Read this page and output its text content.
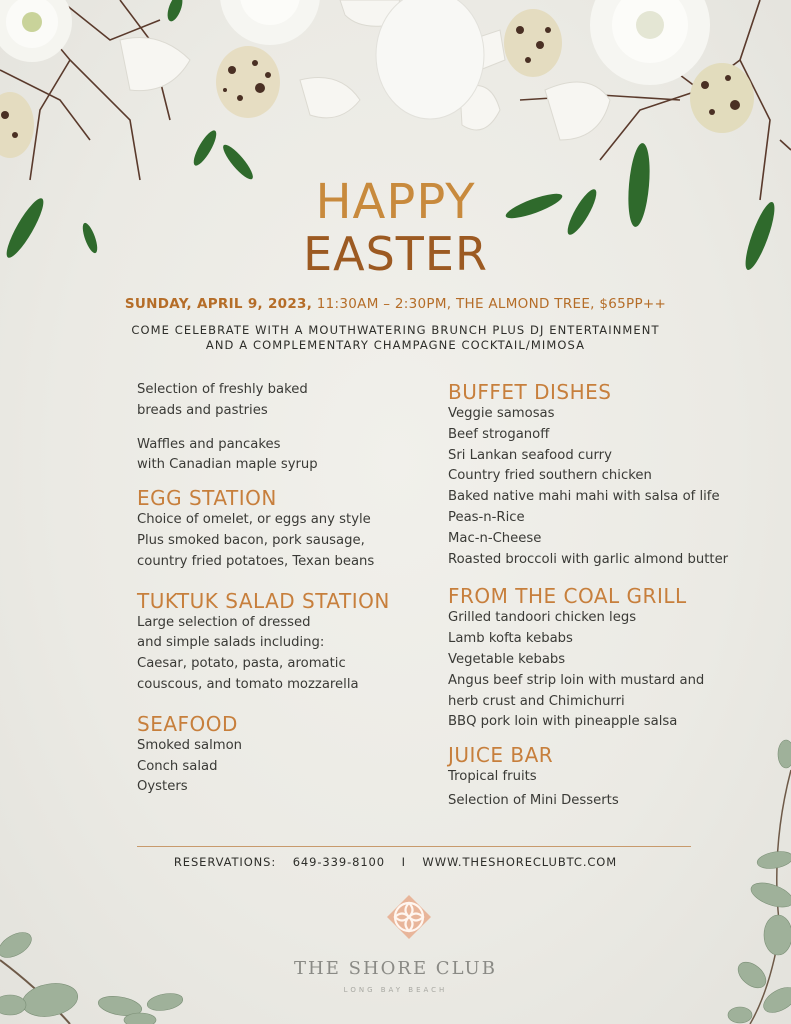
HAPPY
EASTER
SUNDAY, APRIL 9, 2023, 11:30AM – 2:30PM, THE ALMOND TREE, $65PP++
COME CELEBRATE WITH A MOUTHWATERING BRUNCH PLUS DJ ENTERTAINMENT
AND A COMPLEMENTARY CHAMPAGNE COCKTAIL/MIMOSA
Selection of freshly baked
breads and pastries
Waffles and pancakes
with Canadian maple syrup
EGG STATION
Choice of omelet, or eggs any style
Plus smoked bacon, pork sausage,
country fried potatoes, Texan beans
TUKTUK SALAD STATION
Large selection of dressed
and simple salads including:
Caesar, potato, pasta, aromatic
couscous, and tomato mozzarella
SEAFOOD
Smoked salmon
Conch salad
Oysters
BUFFET DISHES
Veggie samosas
Beef stroganoff
Sri Lankan seafood curry
Country fried southern chicken
Baked native mahi mahi with salsa of life
Peas-n-Rice
Mac-n-Cheese
Roasted broccoli with garlic almond butter
FROM THE COAL GRILL
Grilled tandoori chicken legs
Lamb kofta kebabs
Vegetable kebabs
Angus beef strip loin with mustard and
herb crust and Chimichurri
BBQ pork loin with pineapple salsa
JUICE BAR
Tropical fruits
Selection of Mini Desserts
RESERVATIONS: 649-339-8100 I WWW.THESHORECLUBTC.COM
THE SHORE CLUB
LONG BAY BEACH
